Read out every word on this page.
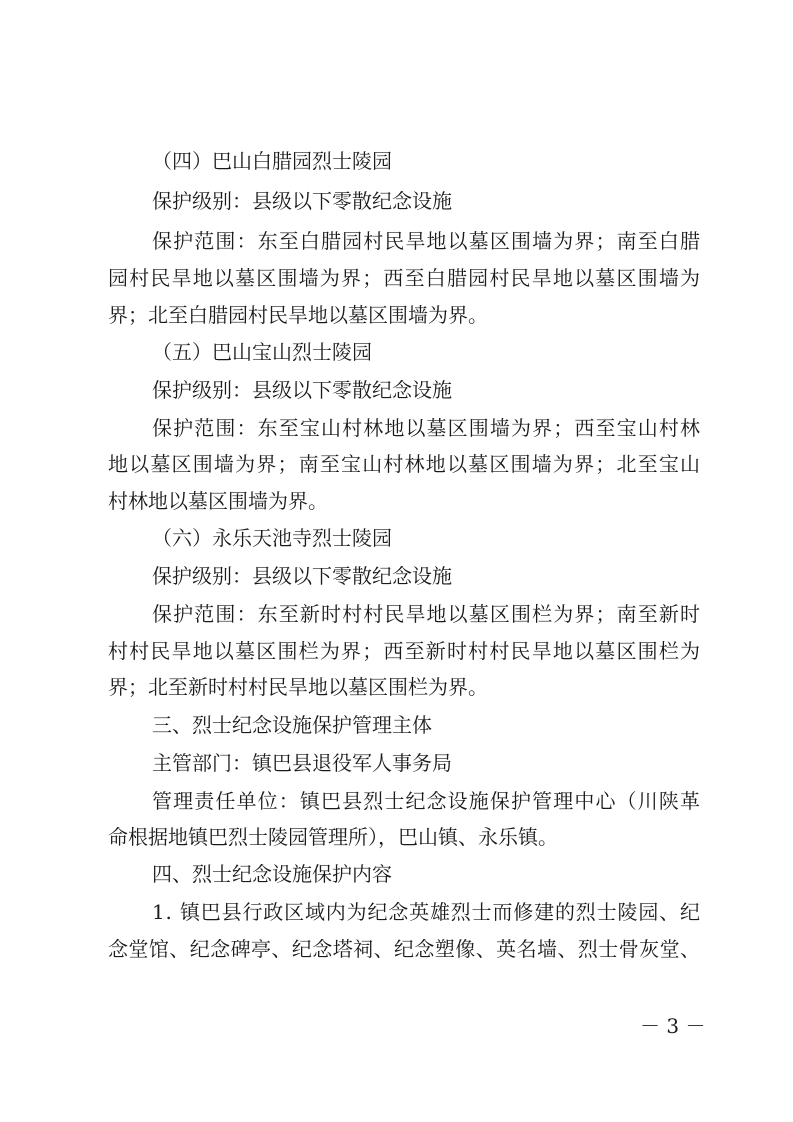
（四）巴山白腊园烈士陵园
保护级别：县级以下零散纪念设施
保护范围：东至白腊园村民旱地以墓区围墙为界；南至白腊
园村民旱地以墓区围墙为界；西至白腊园村民旱地以墓区围墙为
界；北至白腊园村民旱地以墓区围墙为界。
（五）巴山宝山烈士陵园
保护级别：县级以下零散纪念设施
保护范围：东至宝山村林地以墓区围墙为界；西至宝山村林
地以墓区围墙为界；南至宝山村林地以墓区围墙为界；北至宝山
村林地以墓区围墙为界。
（六）永乐天池寺烈士陵园
保护级别：县级以下零散纪念设施
保护范围：东至新时村村民旱地以墓区围栏为界；南至新时
村村民旱地以墓区围栏为界；西至新时村村民旱地以墓区围栏为
界；北至新时村村民旱地以墓区围栏为界。
三、烈士纪念设施保护管理主体
主管部门：镇巴县退役军人事务局
管理责任单位：镇巴县烈士纪念设施保护管理中心（川陕革
命根据地镇巴烈士陵园管理所），巴山镇、永乐镇。
四、烈士纪念设施保护内容
1. 镇巴县行政区域内为纪念英雄烈士而修建的烈士陵园、纪
念堂馆、纪念碑亭、纪念塔祠、纪念塑像、英名墙、烈士骨灰堂、
－ 3 －
